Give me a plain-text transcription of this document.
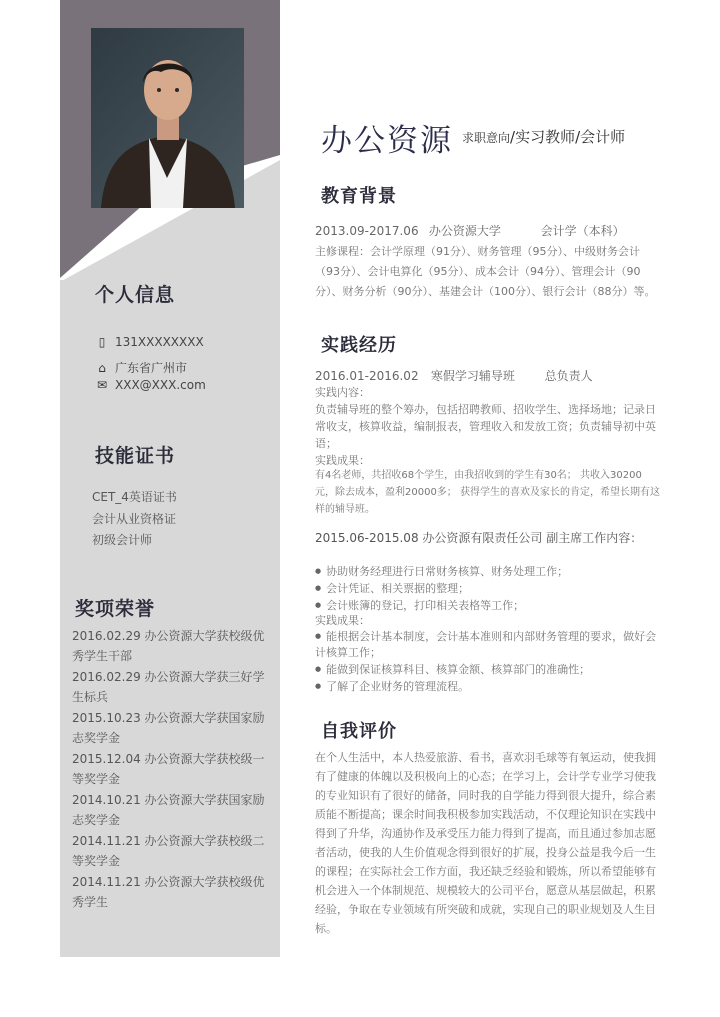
个人信息
▯ 131XXXXXXXX
⌂ 广东省广州市
✉ XXX@XXX.com
技能证书
CET_4英语证书
会计从业资格证
初级会计师
奖项荣誉
2016.02.29 办公资源大学获校级优秀学生干部
2016.02.29 办公资源大学获三好学生标兵
2015.10.23 办公资源大学获国家励志奖学金
2015.12.04 办公资源大学获校级一等奖学金
2014.10.21 办公资源大学获国家励志奖学金
2014.11.21 办公资源大学获校级二等奖学金
2014.11.21 办公资源大学获校级优秀学生
办公资源 求职意向/实习教师/会计师
教育背景
2013.09-2017.06 办公资源大学	会计学（本科）
主修课程：会计学原理（91分）、财务管理（95分）、中级财务会计（93分）、会计电算化（95分）、成本会计（94分）、管理会计（90分）、财务分析（90分）、基建会计（100分）、银行会计（88分）等。
实践经历
2016.01-2016.02 寒假学习辅导班 总负责人
实践内容：
负责辅导班的整个筹办，包括招聘教师、招收学生、选择场地；记录日常收支，核算收益，编制报表，管理收入和发放工资；负责辅导初中英语；
实践成果：
有4名老师，共招收68个学生，由我招收到的学生有30名； 共收入30200元，除去成本，盈利20000多； 获得学生的喜欢及家长的肯定，希望长期有这样的辅导班。
2015.06-2015.08 办公资源有限责任公司 副主席工作内容：
● 协助财务经理进行日常财务核算、财务处理工作；
● 会计凭证、相关票据的整理；
● 会计账簿的登记，打印相关表格等工作；
实践成果：
● 能根据会计基本制度，会计基本准则和内部财务管理的要求，做好会计核算工作；
● 能做到保证核算科目、核算金额、核算部门的准确性；
● 了解了企业财务的管理流程。
自我评价
在个人生活中，本人热爱旅游、看书，喜欢羽毛球等有氧运动，使我拥有了健康的体魄以及积极向上的心态；在学习上，会计学专业学习使我的专业知识有了很好的储备，同时我的自学能力得到很大提升，综合素质能不断提高；课余时间我积极参加实践活动，不仅理论知识在实践中得到了升华，沟通协作及承受压力能力得到了提高，而且通过参加志愿者活动，使我的人生价值观念得到很好的扩展，投身公益是我今后一生的课程；在实际社会工作方面，我还缺乏经验和锻炼，所以希望能够有机会进入一个体制规范、规模较大的公司平台，愿意从基层做起，积累经验，争取在专业领域有所突破和成就，实现自己的职业规划及人生目标。
